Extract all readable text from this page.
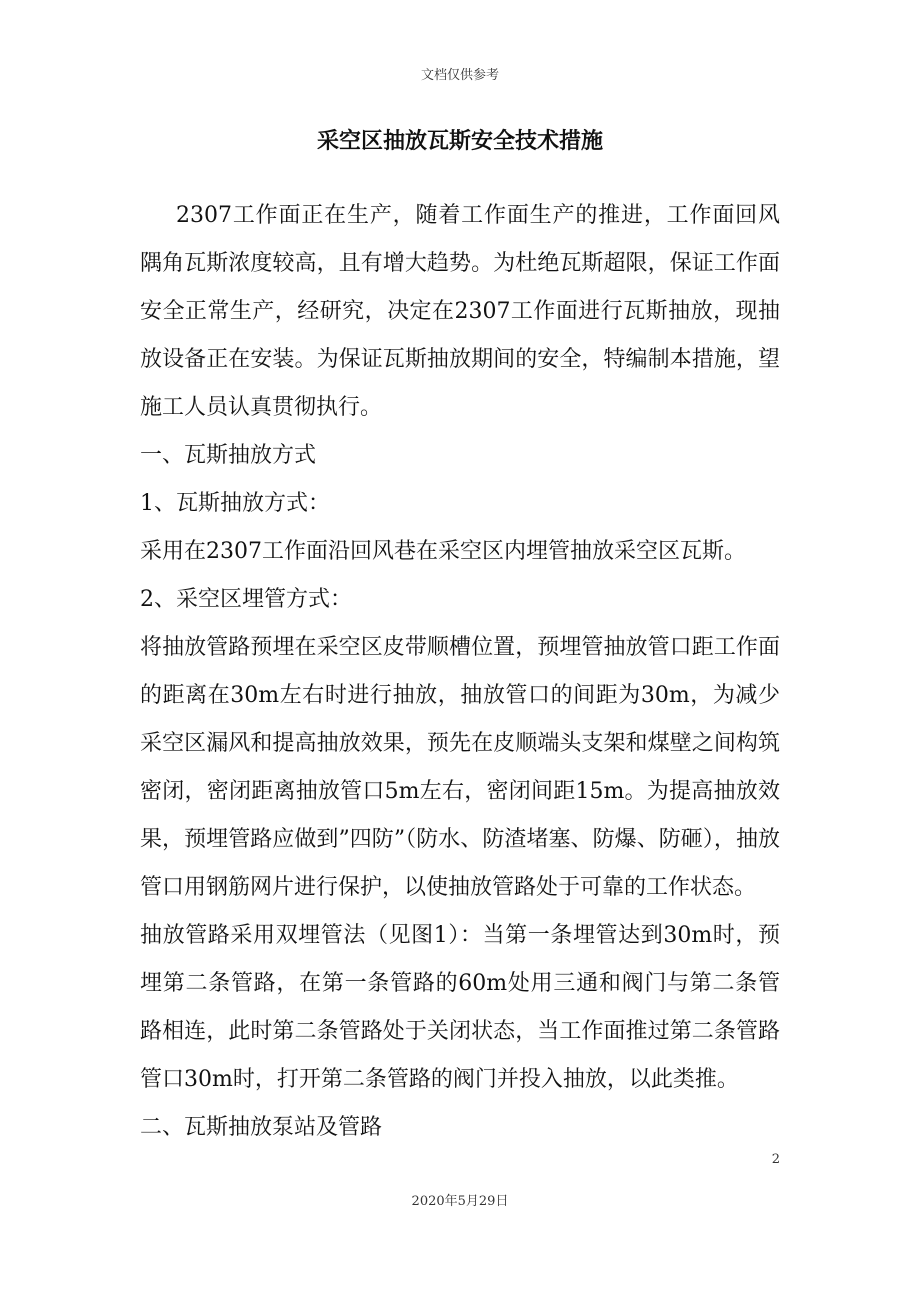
文档仅供参考
采空区抽放瓦斯安全技术措施

2307工作面正在生产，随着工作面生产的推进，工作面回风隅角瓦斯浓度较高，且有增大趋势。为杜绝瓦斯超限，保证工作面安全正常生产，经研究，决定在2307工作面进行瓦斯抽放，现抽放设备正在安装。为保证瓦斯抽放期间的安全，特编制本措施，望施工人员认真贯彻执行。

一、瓦斯抽放方式

1、瓦斯抽放方式：

采用在2307工作面沿回风巷在采空区内埋管抽放采空区瓦斯。

2、采空区埋管方式：

将抽放管路预埋在采空区皮带顺槽位置，预埋管抽放管口距工作面的距离在30m左右时进行抽放，抽放管口的间距为30m，为减少采空区漏风和提高抽放效果，预先在皮顺端头支架和煤壁之间构筑密闭，密闭距离抽放管口5m左右，密闭间距15m。为提高抽放效果，预埋管路应做到”四防”（防水、防渣堵塞、防爆、防砸），抽放管口用钢筋网片进行保护，以使抽放管路处于可靠的工作状态。

抽放管路采用双埋管法（见图1）：当第一条埋管达到30m时，预埋第二条管路，在第一条管路的60m处用三通和阀门与第二条管路相连，此时第二条管路处于关闭状态，当工作面推过第二条管路管口30m时，打开第二条管路的阀门并投入抽放，以此类推。

二、瓦斯抽放泵站及管路

2
2020年5月29日
